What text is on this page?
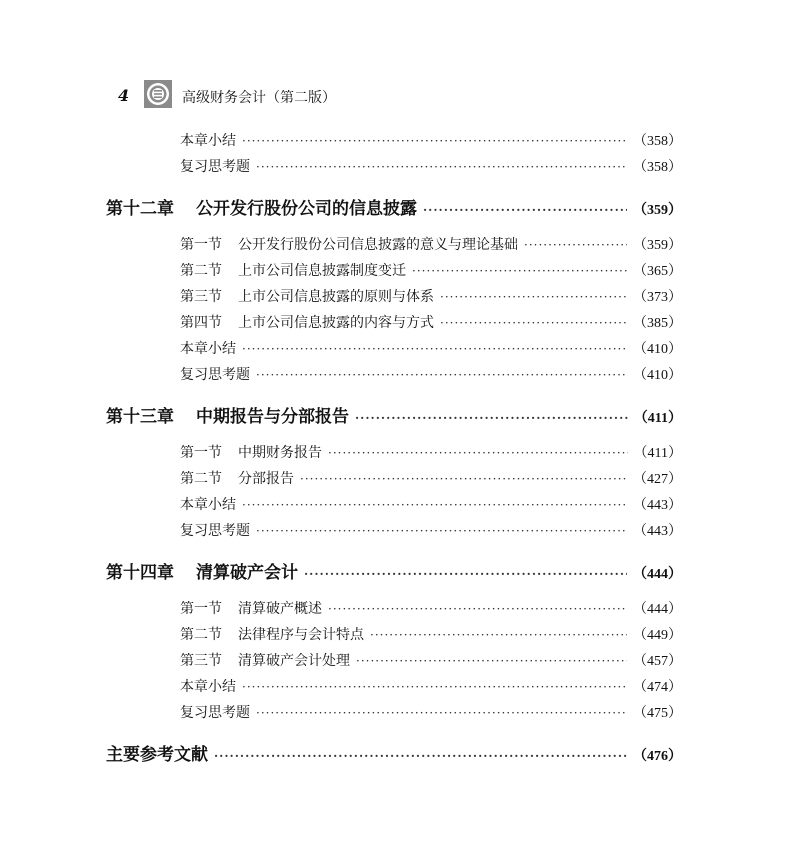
4	高级财务会计（第二版）
本章小结 ·····	（358）
复习思考题 ·····	（358）
第十二章 公开发行股份公司的信息披露 ·····	（359）
第一节 公开发行股份公司信息披露的意义与理论基础 ·····	（359）
第二节 上市公司信息披露制度变迁 ·····	（365）
第三节 上市公司信息披露的原则与体系 ·····	（373）
第四节 上市公司信息披露的内容与方式 ·····	（385）
本章小结 ·····	（410）
复习思考题 ·····	（410）
第十三章 中期报告与分部报告 ·····	（411）
第一节 中期财务报告 ·····	（411）
第二节 分部报告 ·····	（427）
本章小结 ·····	（443）
复习思考题 ·····	（443）
第十四章 清算破产会计 ·····	（444）
第一节 清算破产概述 ·····	（444）
第二节 法律程序与会计特点 ·····	（449）
第三节 清算破产会计处理 ·····	（457）
本章小结 ·····	（474）
复习思考题 ·····	（475）
主要参考文献 ·····	（476）
